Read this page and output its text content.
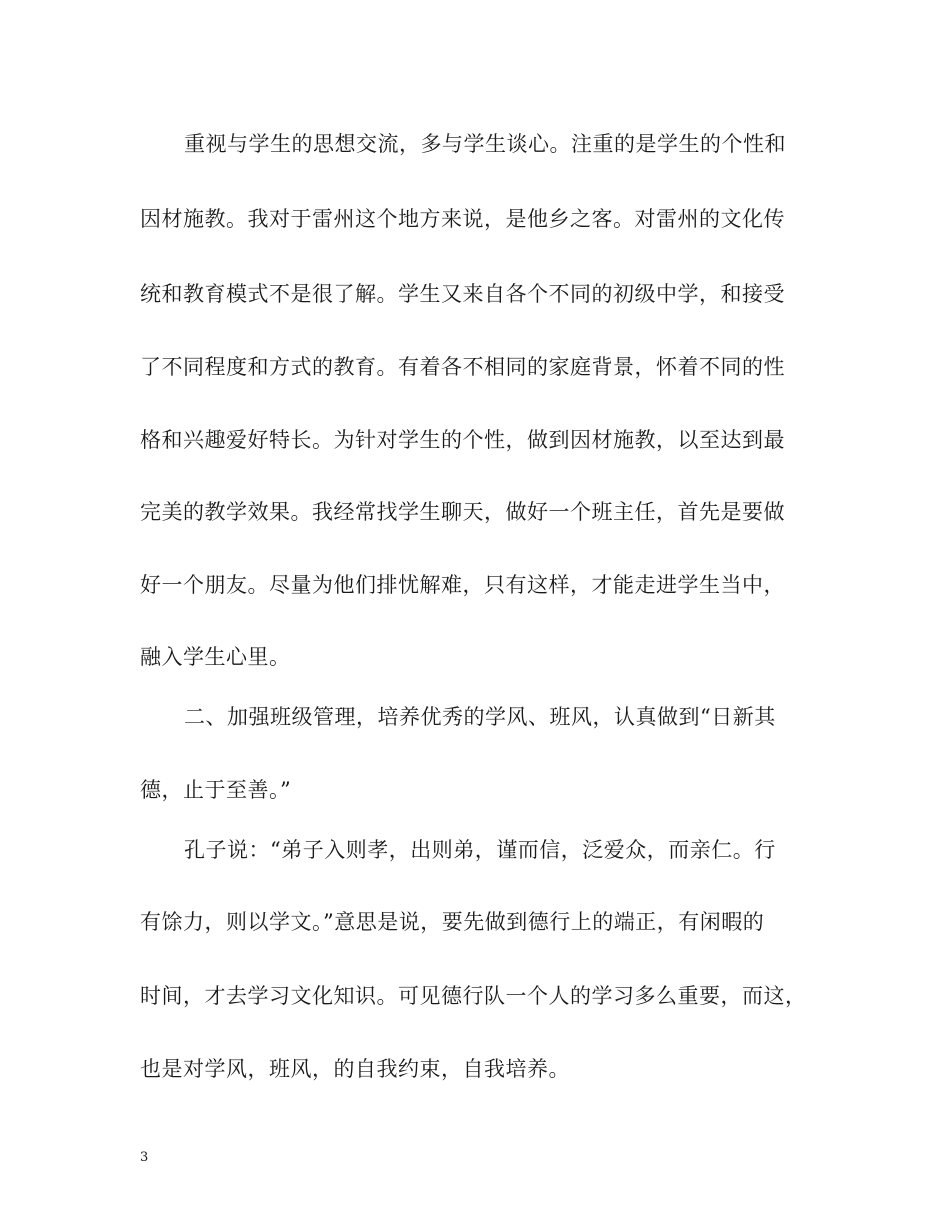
重视与学生的思想交流，多与学生谈心。注重的是学生的个性和
因材施教。我对于雷州这个地方来说，是他乡之客。对雷州的文化传
统和教育模式不是很了解。学生又来自各个不同的初级中学，和接受
了不同程度和方式的教育。有着各不相同的家庭背景，怀着不同的性
格和兴趣爱好特长。为针对学生的个性，做到因材施教，以至达到最
完美的教学效果。我经常找学生聊天，做好一个班主任，首先是要做
好一个朋友。尽量为他们排忧解难，只有这样，才能走进学生当中，
融入学生心里。
二、加强班级管理，培养优秀的学风、班风，认真做到“日新其
德，止于至善。”
孔子说：“弟子入则孝，出则弟，谨而信，泛爱众，而亲仁。行
有馀力，则以学文。”意思是说，要先做到德行上的端正，有闲暇的
时间，才去学习文化知识。可见德行队一个人的学习多么重要，而这，
也是对学风，班风，的自我约束，自我培养。
3
